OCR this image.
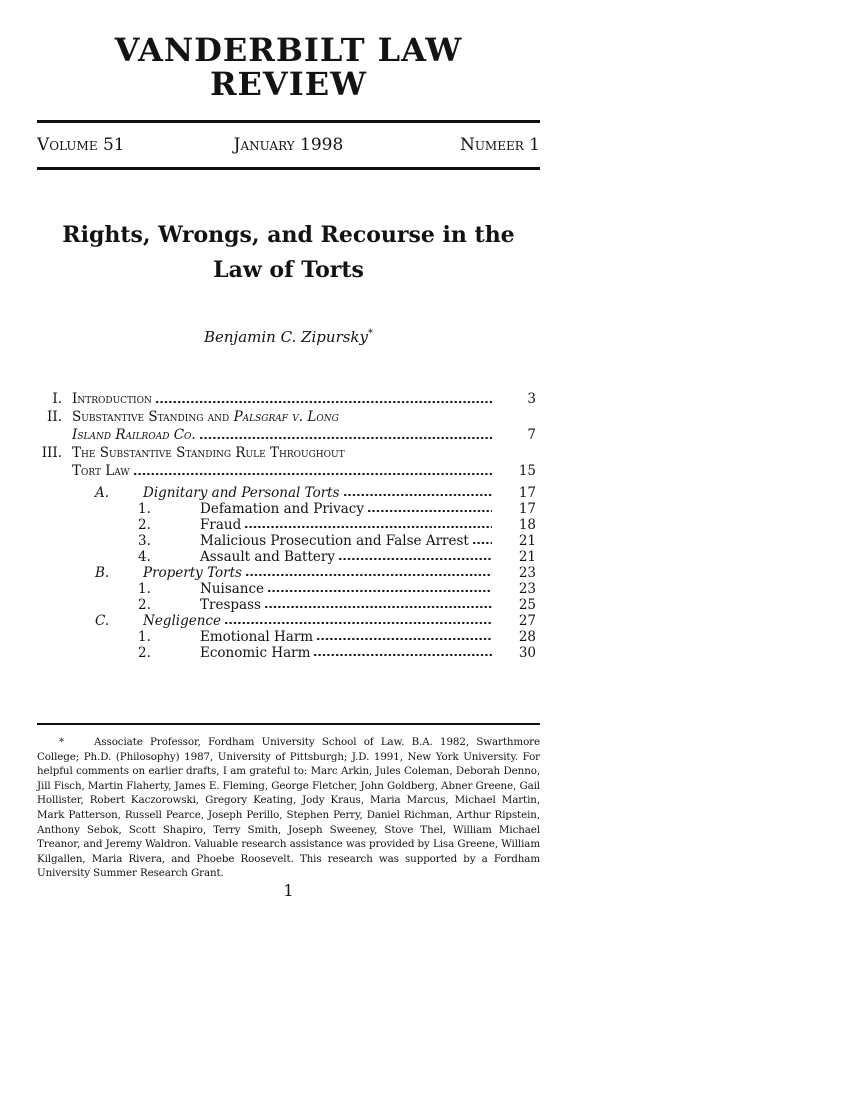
VANDERBILT LAW REVIEW
Volume 51	January 1998	Numeer 1
Rights, Wrongs, and Recourse in the
Law of Torts
Benjamin C. Zipursky*
I. Introduction	3
II. Substantive Standing and Palsgraf v. Long
Island Railroad Co.	7
III. The Substantive Standing Rule Throughout
Tort Law	15
A.	Dignitary and Personal Torts	17
1.	Defamation and Privacy	17
2.	Fraud	18
3.	Malicious Prosecution and False Arrest	21
4.	Assault and Battery	21
B.	Property Torts	23
1.	Nuisance	23
2.	Trespass	25
C.	Negligence	27
1.	Emotional Harm	28
2.	Economic Harm	30

*	Associate Professor, Fordham University School of Law. B.A. 1982, Swarthmore College; Ph.D. (Philosophy) 1987, University of Pittsburgh; J.D. 1991, New York University. For helpful comments on earlier drafts, I am grateful to: Marc Arkin, Jules Coleman, Deborah Denno, Jill Fisch, Martin Flaherty, James E. Fleming, George Fletcher, John Goldberg, Abner Greene, Gail Hollister, Robert Kaczorowski, Gregory Keating, Jody Kraus, Maria Marcus, Michael Martin, Mark Patterson, Russell Pearce, Joseph Perillo, Stephen Perry, Daniel Richman, Arthur Ripstein, Anthony Sebok, Scott Shapiro, Terry Smith, Joseph Sweeney, Stove Thel, William Michael Treanor, and Jeremy Waldron. Valuable research assistance was provided by Lisa Greene, William Kilgallen, Maria Rivera, and Phoebe Roosevelt. This research was supported by a Fordham University Summer Research Grant.

1
